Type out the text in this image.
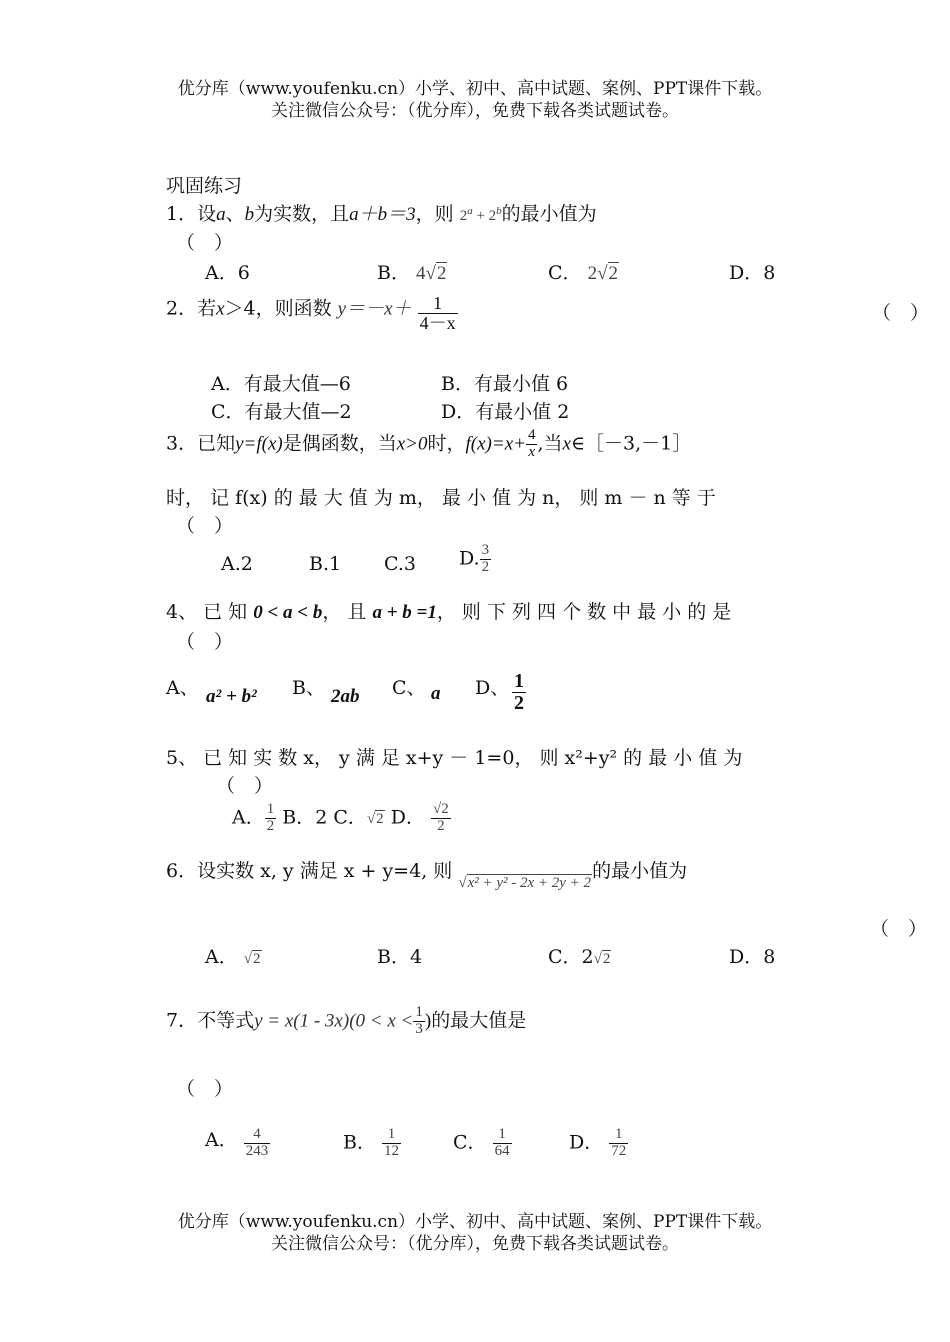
优分库（www.youfenku.cn）小学、初中、高中试题、案例、PPT课件下载。
关注微信公众号：（优分库），免费下载各类试题试卷。
巩固练习
1．设a、b为实数，且a＋b＝3，则 $2^a + 2^b$的最小值为
（　）
A．6	B． 4√2	C． 2√2	D．8
2．若x＞4，则函数 $y=-x+ \frac{1}{4-x}$	（　）
A．有最大值—6	B．有最小值 6
C．有最大值—2	D．有最小值 2
3．已知y=f(x)是偶函数，当x>0时，$f(x)=x+ \frac{4}{x}$ ,当x∈［－3,－1］
时， 记 f(x) 的 最 大 值 为 m， 最 小 值 为 n， 则 m － n 等 于
（　）
A.2	B.1 C.3 D. $\frac{3}{2}$
4、 已 知 0 < a < b， 且 a + b =1， 则 下 列 四 个 数 中 最 小 的 是
（　）
A、 a² + b² B、 2ab C、 a D、 $\frac{1}{2}$
5、 已 知 实 数 x， y 满 足 x+y － 1=0， 则 x²+y² 的 最 小 值 为
（　）
A． $\frac{1}{2}$ B．2 C．√2 D． $\frac{√2}{2}$
6．设实数 x, y 满足 x + y=4, 则 √x² + y² - 2x + 2y + 2的最小值为
（　）
A． √2	B．4	C．2√2	D．8
7．不等式$y = x(1 - 3x)(0 < x < \frac{1}{3}$ )的最大值是
（　）
A． $\frac{4}{243}$	B． $\frac{1}{12}$	C． $\frac{1}{64}$	D． $\frac{1}{72}$
优分库（www.youfenku.cn）小学、初中、高中试题、案例、PPT课件下载。
关注微信公众号：（优分库），免费下载各类试题试卷。
